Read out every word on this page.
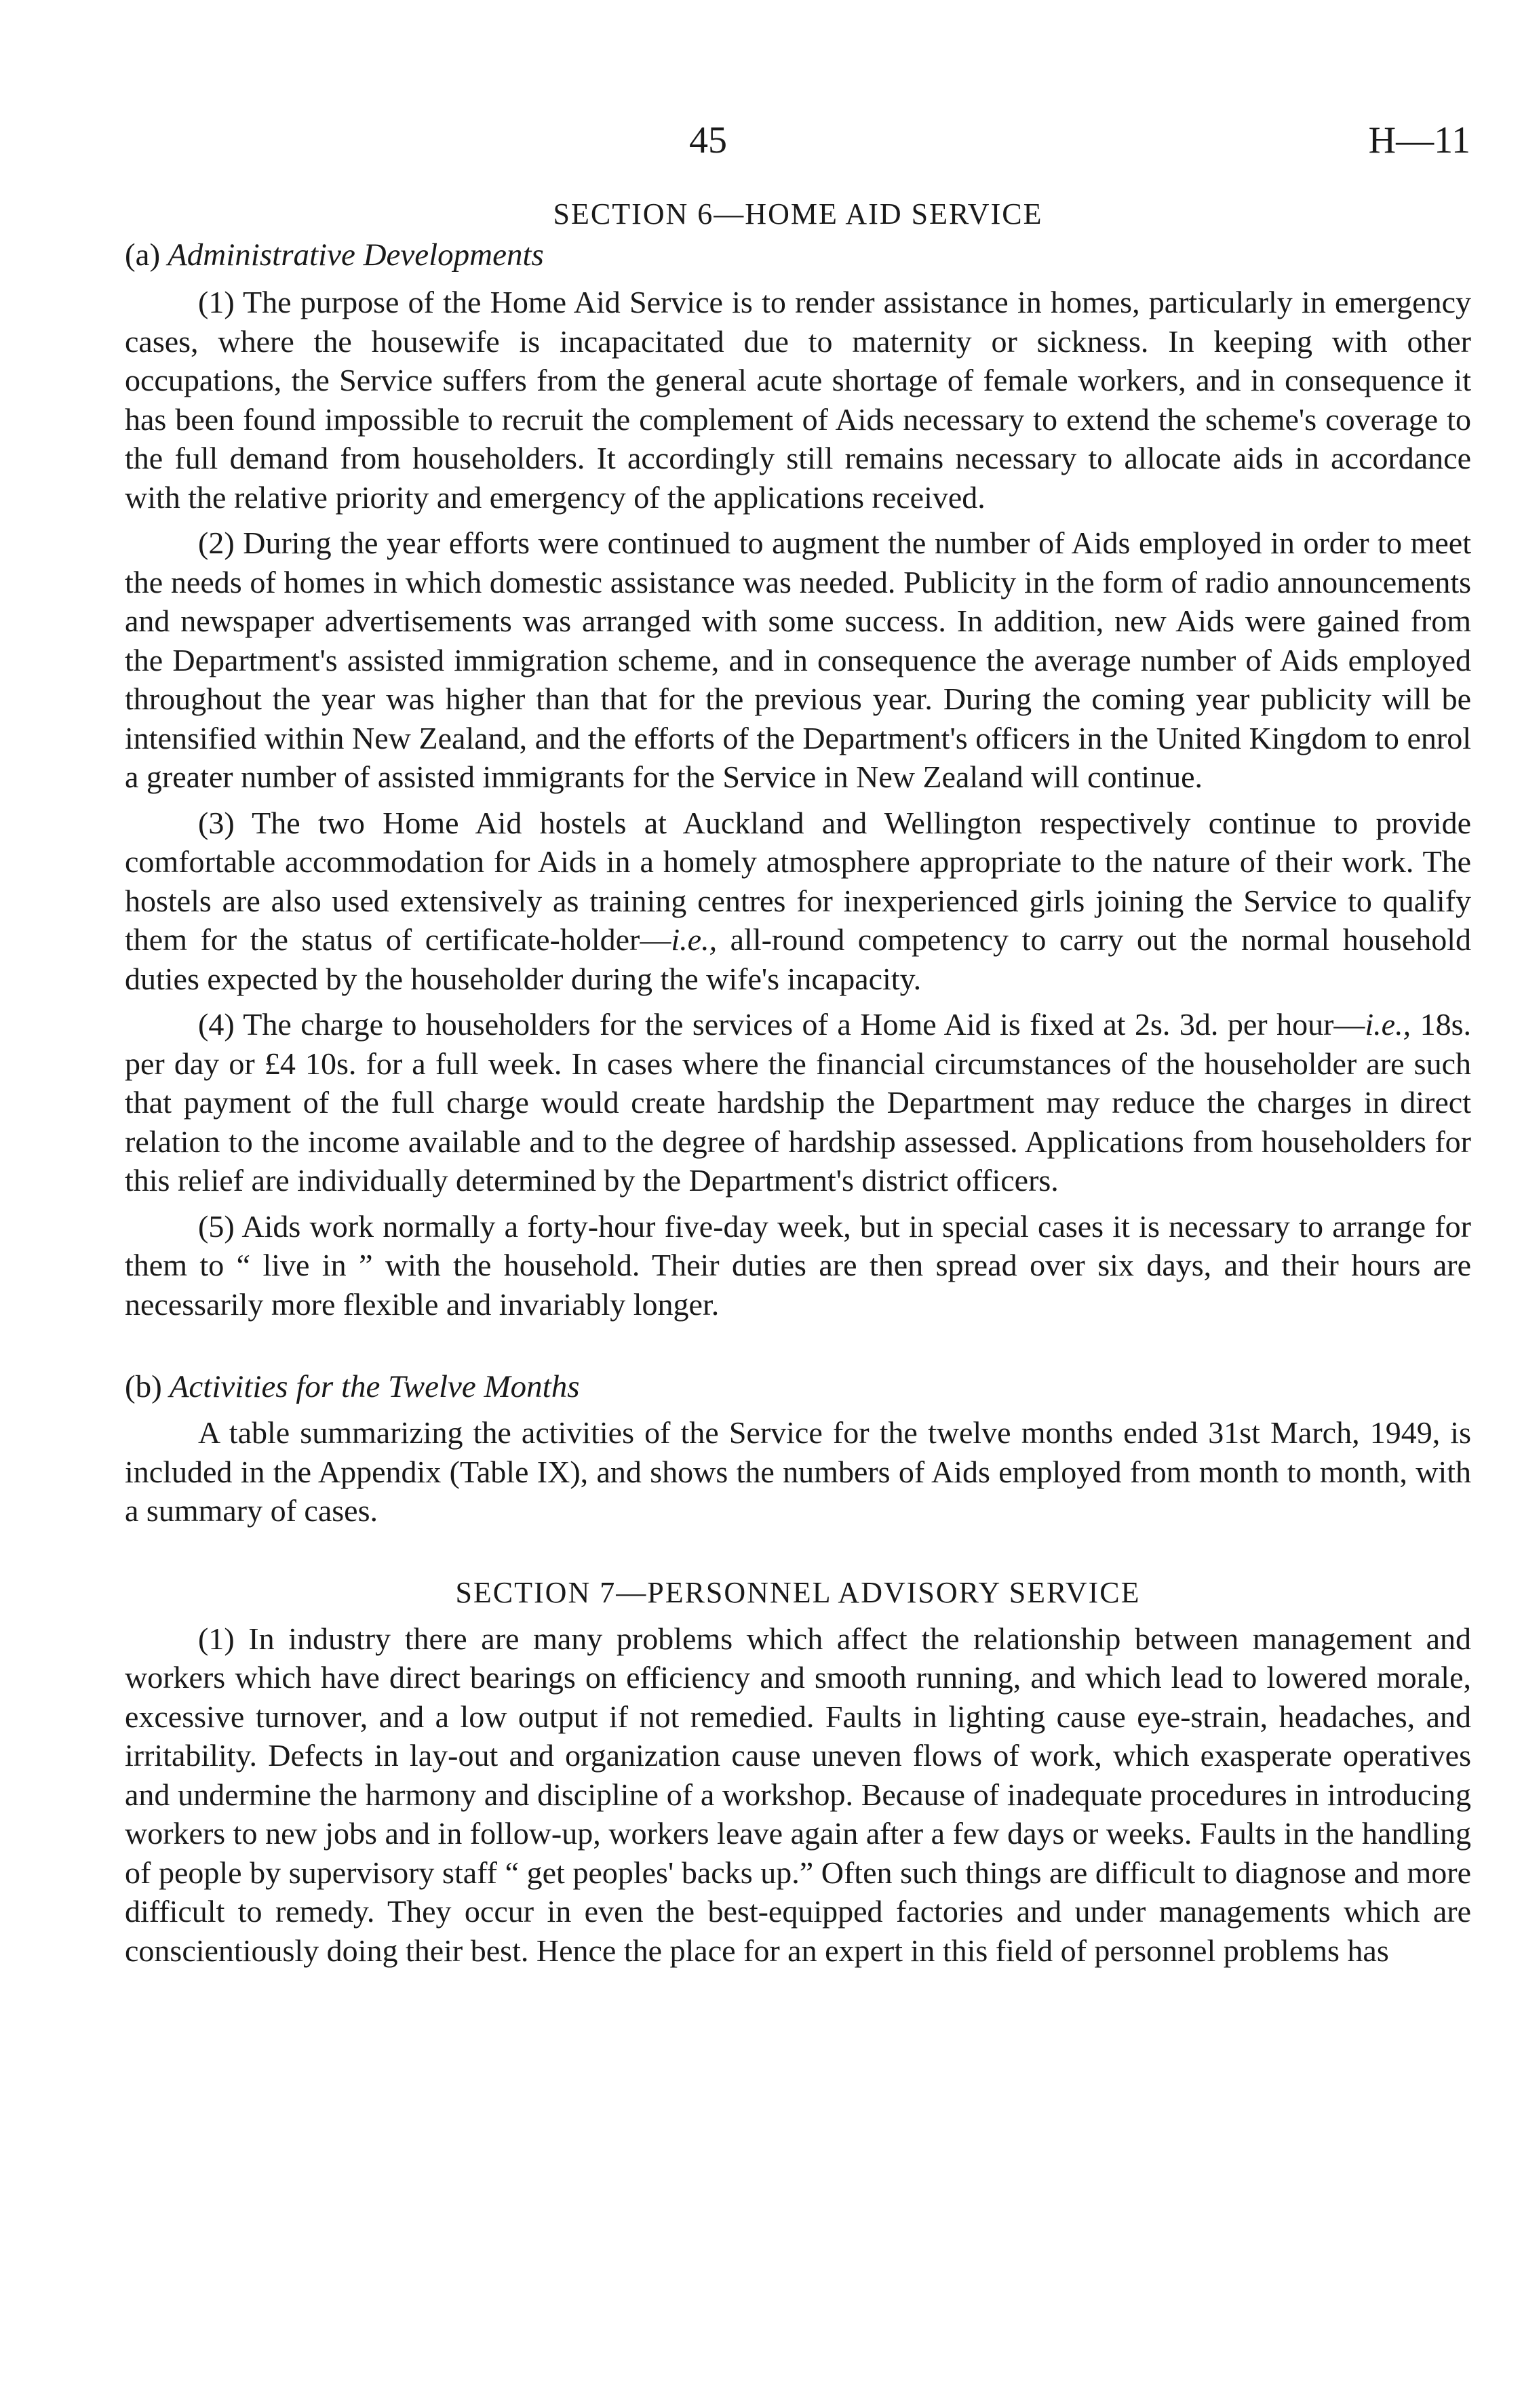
45	H—11

SECTION 6—HOME AID SERVICE

(a) Administrative Developments

(1) The purpose of the Home Aid Service is to render assistance in homes, particularly in emergency cases, where the housewife is incapacitated due to maternity or sickness. In keeping with other occupations, the Service suffers from the general acute shortage of female workers, and in consequence it has been found impossible to recruit the complement of Aids necessary to extend the scheme's coverage to the full demand from householders. It accordingly still remains necessary to allocate aids in accordance with the relative priority and emergency of the applications received.

(2) During the year efforts were continued to augment the number of Aids employed in order to meet the needs of homes in which domestic assistance was needed. Publicity in the form of radio announcements and newspaper advertisements was arranged with some success. In addition, new Aids were gained from the Department's assisted immigration scheme, and in consequence the average number of Aids employed throughout the year was higher than that for the previous year. During the coming year publicity will be intensified within New Zealand, and the efforts of the Department's officers in the United Kingdom to enrol a greater number of assisted immigrants for the Service in New Zealand will continue.

(3) The two Home Aid hostels at Auckland and Wellington respectively continue to provide comfortable accommodation for Aids in a homely atmosphere appropriate to the nature of their work. The hostels are also used extensively as training centres for inexperienced girls joining the Service to qualify them for the status of certificate-holder—i.e., all-round competency to carry out the normal household duties expected by the householder during the wife's incapacity.

(4) The charge to householders for the services of a Home Aid is fixed at 2s. 3d. per hour—i.e., 18s. per day or £4 10s. for a full week. In cases where the financial circumstances of the householder are such that payment of the full charge would create hardship the Department may reduce the charges in direct relation to the income available and to the degree of hardship assessed. Applications from householders for this relief are individually determined by the Department's district officers.

(5) Aids work normally a forty-hour five-day week, but in special cases it is necessary to arrange for them to “ live in ” with the household. Their duties are then spread over six days, and their hours are necessarily more flexible and invariably longer.

(b) Activities for the Twelve Months

A table summarizing the activities of the Service for the twelve months ended 31st March, 1949, is included in the Appendix (Table IX), and shows the numbers of Aids employed from month to month, with a summary of cases.

SECTION 7—PERSONNEL ADVISORY SERVICE

(1) In industry there are many problems which affect the relationship between management and workers which have direct bearings on efficiency and smooth running, and which lead to lowered morale, excessive turnover, and a low output if not remedied. Faults in lighting cause eye-strain, headaches, and irritability. Defects in lay-out and organization cause uneven flows of work, which exasperate operatives and undermine the harmony and discipline of a workshop. Because of inadequate procedures in introducing workers to new jobs and in follow-up, workers leave again after a few days or weeks. Faults in the handling of people by supervisory staff “ get peoples' backs up.” Often such things are difficult to diagnose and more difficult to remedy. They occur in even the best-equipped factories and under managements which are conscientiously doing their best. Hence the place for an expert in this field of personnel problems has
